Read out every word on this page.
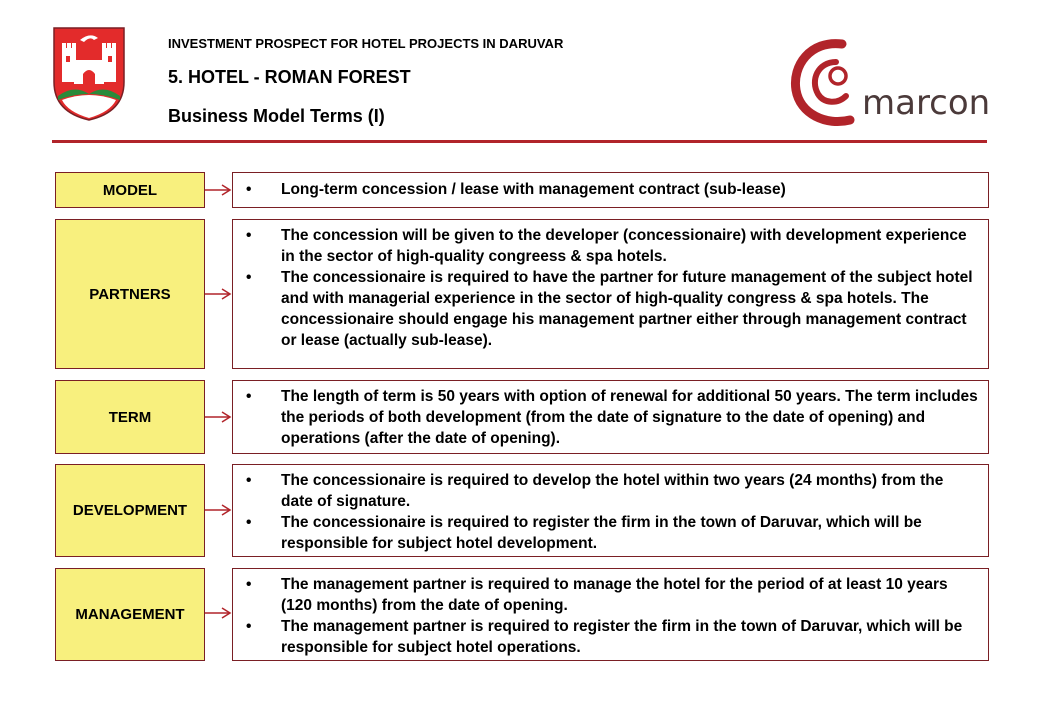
INVESTMENT PROSPECT FOR HOTEL PROJECTS IN DARUVAR
5. HOTEL - ROMAN FOREST
Business Model Terms (I)	marcon
MODEL
•	Long-term concession / lease with management contract (sub-lease)
PARTNERS
• The concession will be given to the developer (concessionaire) with development experience in the sector of high-quality congreess & spa hotels.
• The concessionaire is required to have the partner for future management of the subject hotel and with managerial experience in the sector of high-quality congress & spa hotels. The concessionaire should engage his management partner either through management contract or lease (actually sub-lease).
TERM
• The length of term is 50 years with option of renewal for additional 50 years. The term includes the periods of both development (from the date of signature to the date of opening) and operations (after the date of opening).
DEVELOPMENT
• The concessionaire is required to develop the hotel within two years (24 months) from the date of signature.
• The concessionaire is required to register the firm in the town of Daruvar, which will be responsible for subject hotel development.
MANAGEMENT
• The management partner is required to manage the hotel for the period of at least 10 years (120 months) from the date of opening.
• The management partner is required to register the firm in the town of Daruvar, which will be responsible for subject hotel operations.
